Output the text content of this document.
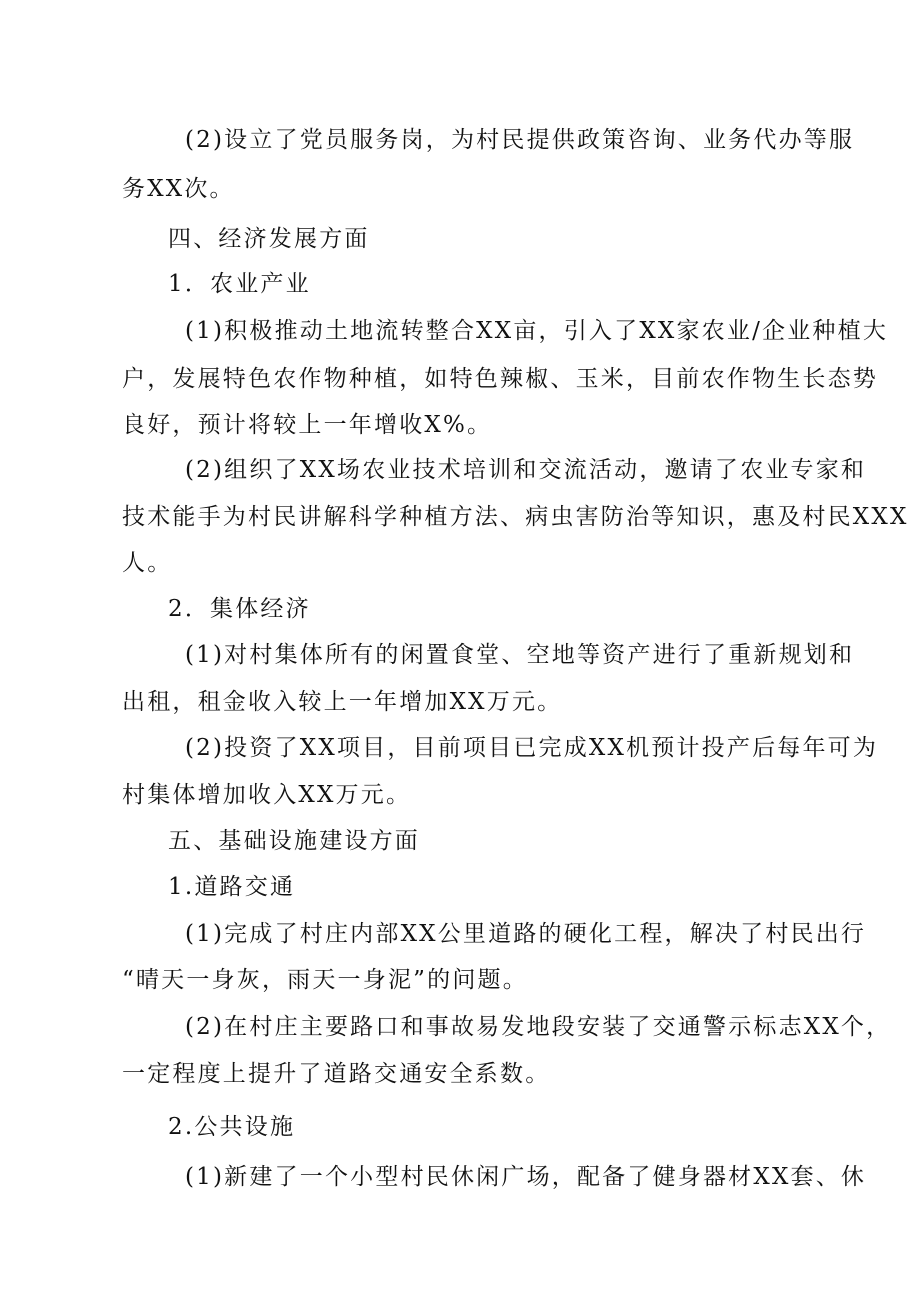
(2)设立了党员服务岗，为村民提供政策咨询、业务代办等服
务XX次。
四、经济发展方面
1．农业产业
(1)积极推动土地流转整合XX亩，引入了XX家农业/企业种植大
户，发展特色农作物种植，如特色辣椒、玉米，目前农作物生长态势
良好，预计将较上一年增收X%。
(2)组织了XX场农业技术培训和交流活动，邀请了农业专家和
技术能手为村民讲解科学种植方法、病虫害防治等知识，惠及村民XXX
人。
2．集体经济
(1)对村集体所有的闲置食堂、空地等资产进行了重新规划和
出租，租金收入较上一年增加XX万元。
(2)投资了XX项目，目前项目已完成XX机预计投产后每年可为
村集体增加收入XX万元。
五、基础设施建设方面
1.道路交通
(1)完成了村庄内部XX公里道路的硬化工程，解决了村民出行
“晴天一身灰，雨天一身泥”的问题。
(2)在村庄主要路口和事故易发地段安装了交通警示标志XX个，
一定程度上提升了道路交通安全系数。
2.公共设施
(1)新建了一个小型村民休闲广场，配备了健身器材XX套、休
